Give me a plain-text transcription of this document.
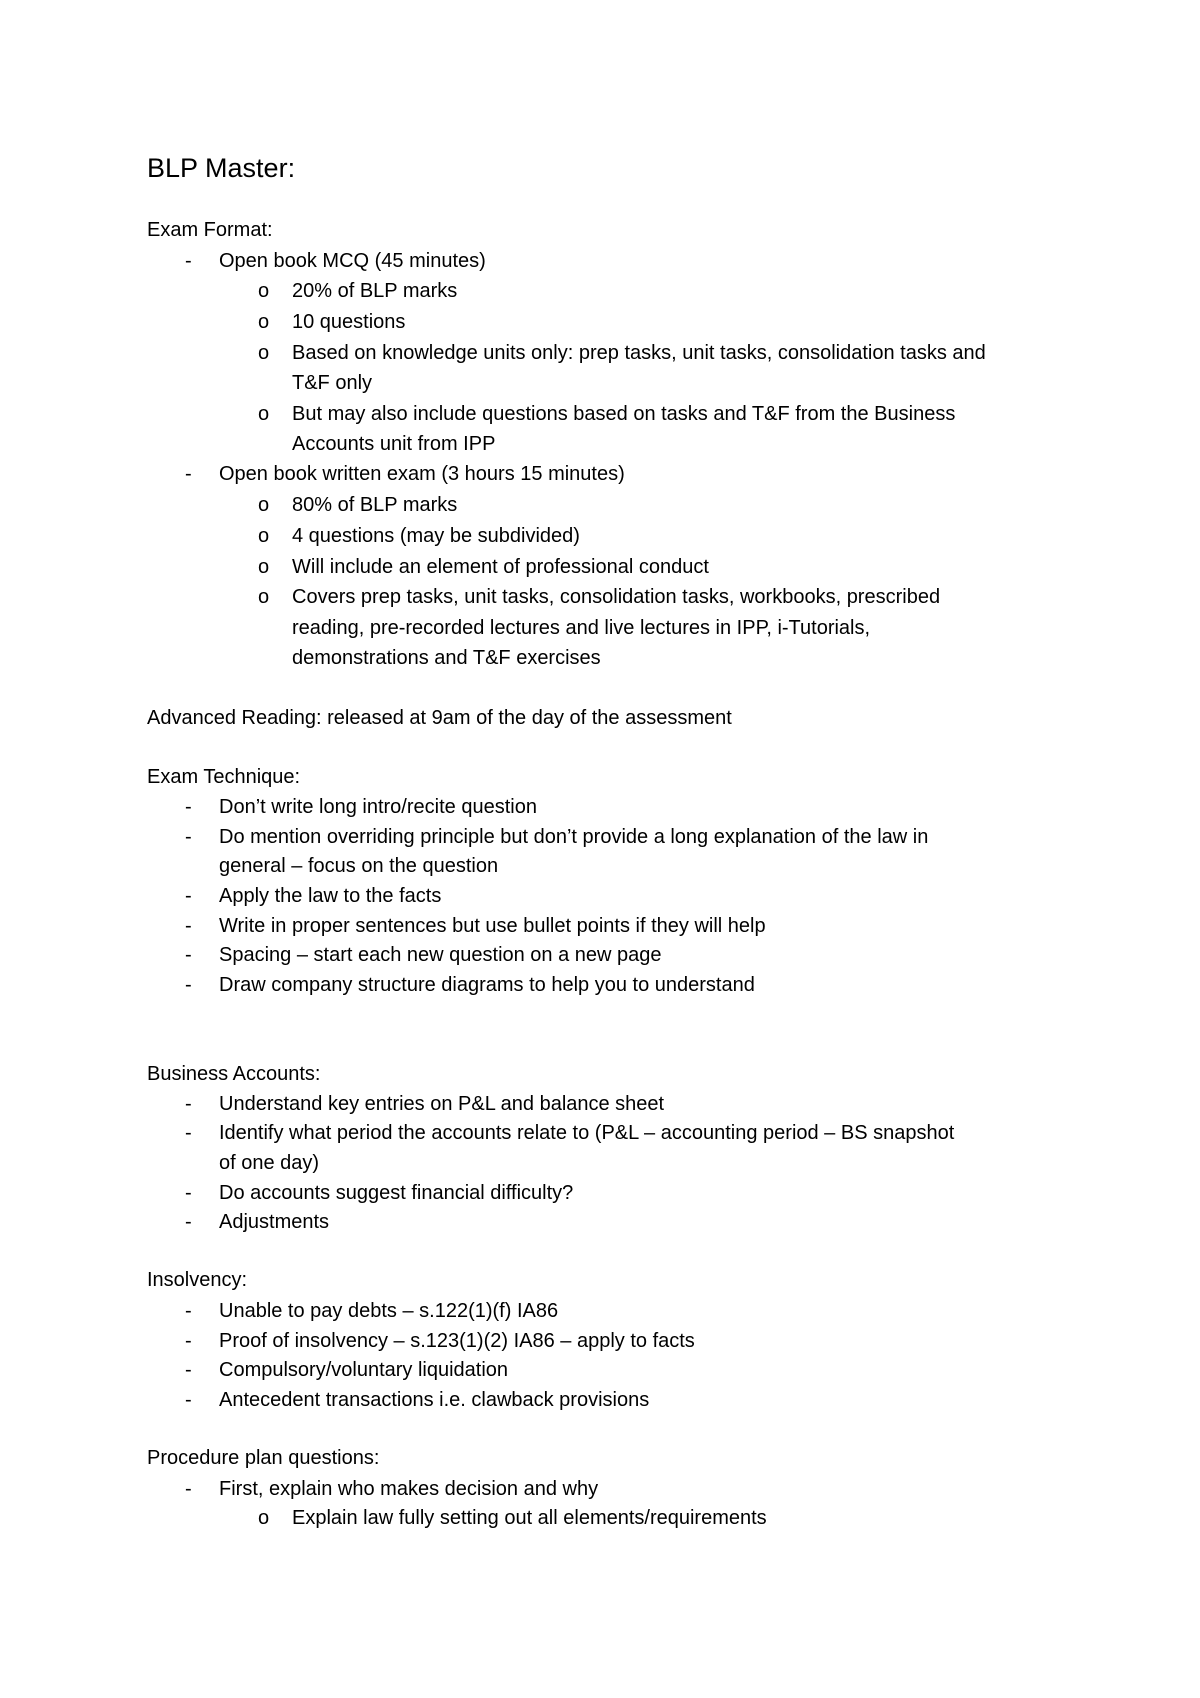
BLP Master:
Exam Format:
- Open book MCQ (45 minutes)
o 20% of BLP marks
o 10 questions
o Based on knowledge units only: prep tasks, unit tasks, consolidation tasks and
T&F only
o But may also include questions based on tasks and T&F from the Business
Accounts unit from IPP
- Open book written exam (3 hours 15 minutes)
o 80% of BLP marks
o 4 questions (may be subdivided)
o Will include an element of professional conduct
o Covers prep tasks, unit tasks, consolidation tasks, workbooks, prescribed
reading, pre-recorded lectures and live lectures in IPP, i-Tutorials,
demonstrations and T&F exercises
Advanced Reading: released at 9am of the day of the assessment
Exam Technique:
- Don’t write long intro/recite question
- Do mention overriding principle but don’t provide a long explanation of the law in
general – focus on the question
- Apply the law to the facts
- Write in proper sentences but use bullet points if they will help
- Spacing – start each new question on a new page
- Draw company structure diagrams to help you to understand
Business Accounts:
- Understand key entries on P&L and balance sheet
- Identify what period the accounts relate to (P&L – accounting period – BS snapshot
of one day)
- Do accounts suggest financial difficulty?
- Adjustments
Insolvency:
- Unable to pay debts – s.122(1)(f) IA86
- Proof of insolvency – s.123(1)(2) IA86 – apply to facts
- Compulsory/voluntary liquidation
- Antecedent transactions i.e. clawback provisions
Procedure plan questions:
- First, explain who makes decision and why
o Explain law fully setting out all elements/requirements
